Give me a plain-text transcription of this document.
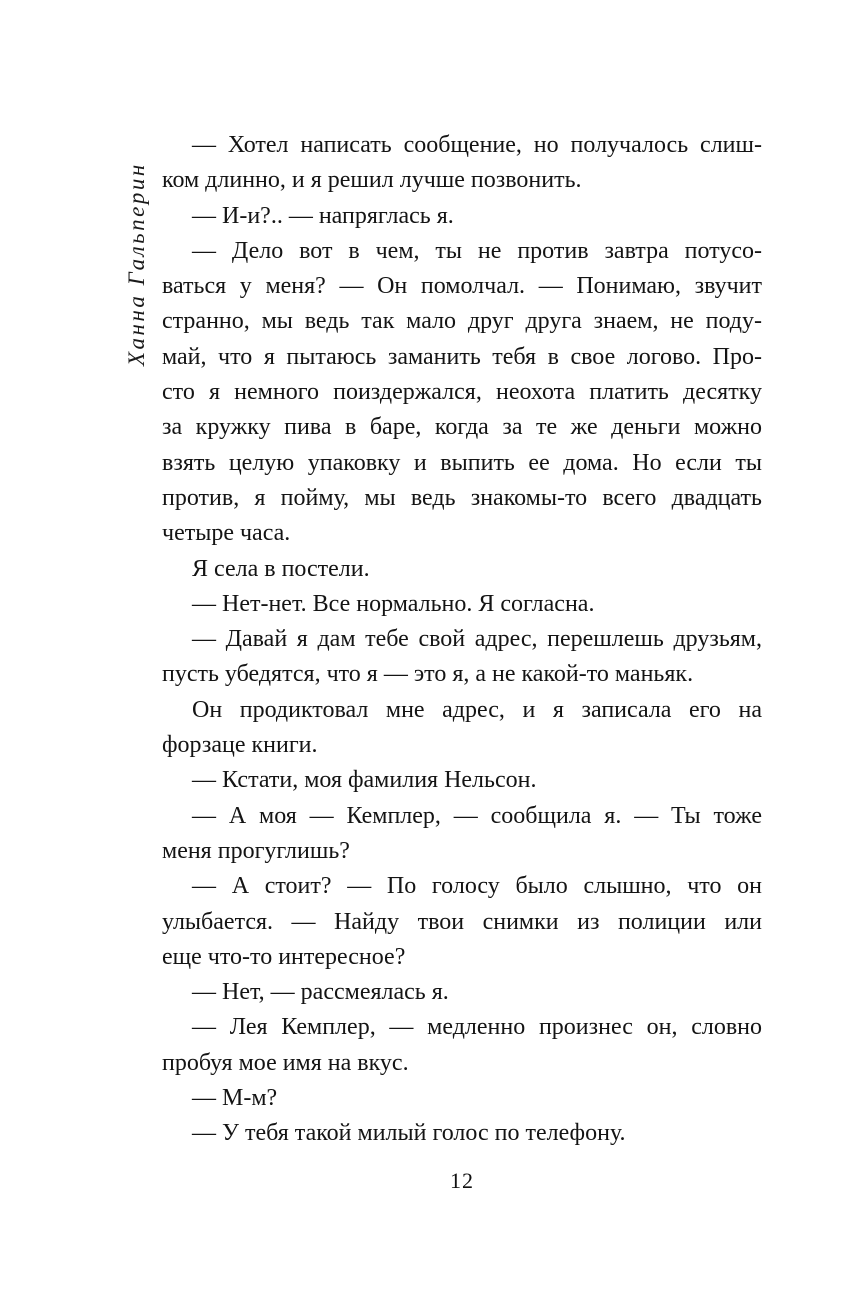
Ханна Гальперин
— Хотел написать сообщение, но получалось слиш-
ком длинно, и я решил лучше позвонить.
— И-и?.. — напряглась я.
— Дело вот в чем, ты не против завтра потусо-
ваться у меня? — Он помолчал. — Понимаю, звучит
странно, мы ведь так мало друг друга знаем, не поду-
май, что я пытаюсь заманить тебя в свое логово. Про-
сто я немного поиздержался, неохота платить десятку
за кружку пива в баре, когда за те же деньги можно
взять целую упаковку и выпить ее дома. Но если ты
против, я пойму, мы ведь знакомы-то всего двадцать
четыре часа.
Я села в постели.
— Нет-нет. Все нормально. Я согласна.
— Давай я дам тебе свой адрес, перешлешь друзьям,
пусть убедятся, что я — это я, а не какой-то маньяк.
Он продиктовал мне адрес, и я записала его на
форзаце книги.
— Кстати, моя фамилия Нельсон.
— А моя — Кемплер, — сообщила я. — Ты тоже
меня прогуглишь?
— А стоит? — По голосу было слышно, что он
улыбается. — Найду твои снимки из полиции или
еще что-то интересное?
— Нет, — рассмеялась я.
— Лея Кемплер, — медленно произнес он, словно
пробуя мое имя на вкус.
— М-м?
— У тебя такой милый голос по телефону.
12
